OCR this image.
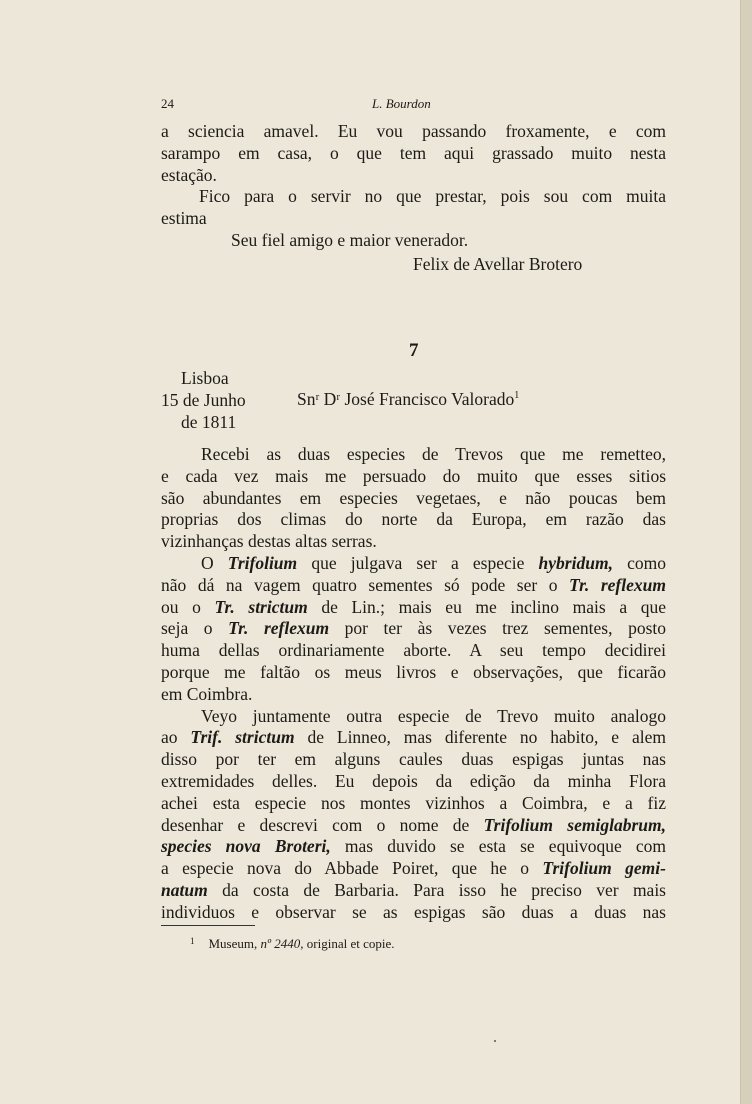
24	L. Bourdon
a sciencia amavel. Eu vou passando froxamente, e com
sarampo em casa, o que tem aqui grassado muito nesta
estação.
Fico para o servir no que prestar, pois sou com muita
estima
Seu fiel amigo e maior venerador.
Felix de Avellar Brotero
7
Lisboa
15 de Junho
de 1811
Snʳ Dʳ José Francisco Valorado$^1$
Recebi as duas especies de Trevos que me remetteo,
e cada vez mais me persuado do muito que esses sitios
são abundantes em especies vegetaes, e não poucas bem
proprias dos climas do norte da Europa, em razão das
vizinhanças destas altas serras.
O Trifolium que julgava ser a especie hybridum, como
não dá na vagem quatro sementes só pode ser o Tr. reflexum
ou o Tr. strictum de Lin.; mais eu me inclino mais a que
seja o Tr. reflexum por ter às vezes trez sementes, posto
huma dellas ordinariamente aborte. A seu tempo decidirei
porque me faltão os meus livros e observações, que ficarão
em Coimbra.
Veyo juntamente outra especie de Trevo muito analogo
ao Trif. strictum de Linneo, mas diferente no habito, e alem
disso por ter em alguns caules duas espigas juntas nas
extremidades delles. Eu depois da edição da minha Flora
achei esta especie nos montes vizinhos a Coimbra, e a fiz
desenhar e descrevi com o nome de Trifolium semiglabrum,
species nova Broteri, mas duvido se esta se equivoque com
a especie nova do Abbade Poiret, que he o Trifolium gemi-
natum da costa de Barbaria. Para isso he preciso ver mais
individuos e observar se as espigas são duas a duas nas
$^1$ Museum, nº 2440, original et copie.
